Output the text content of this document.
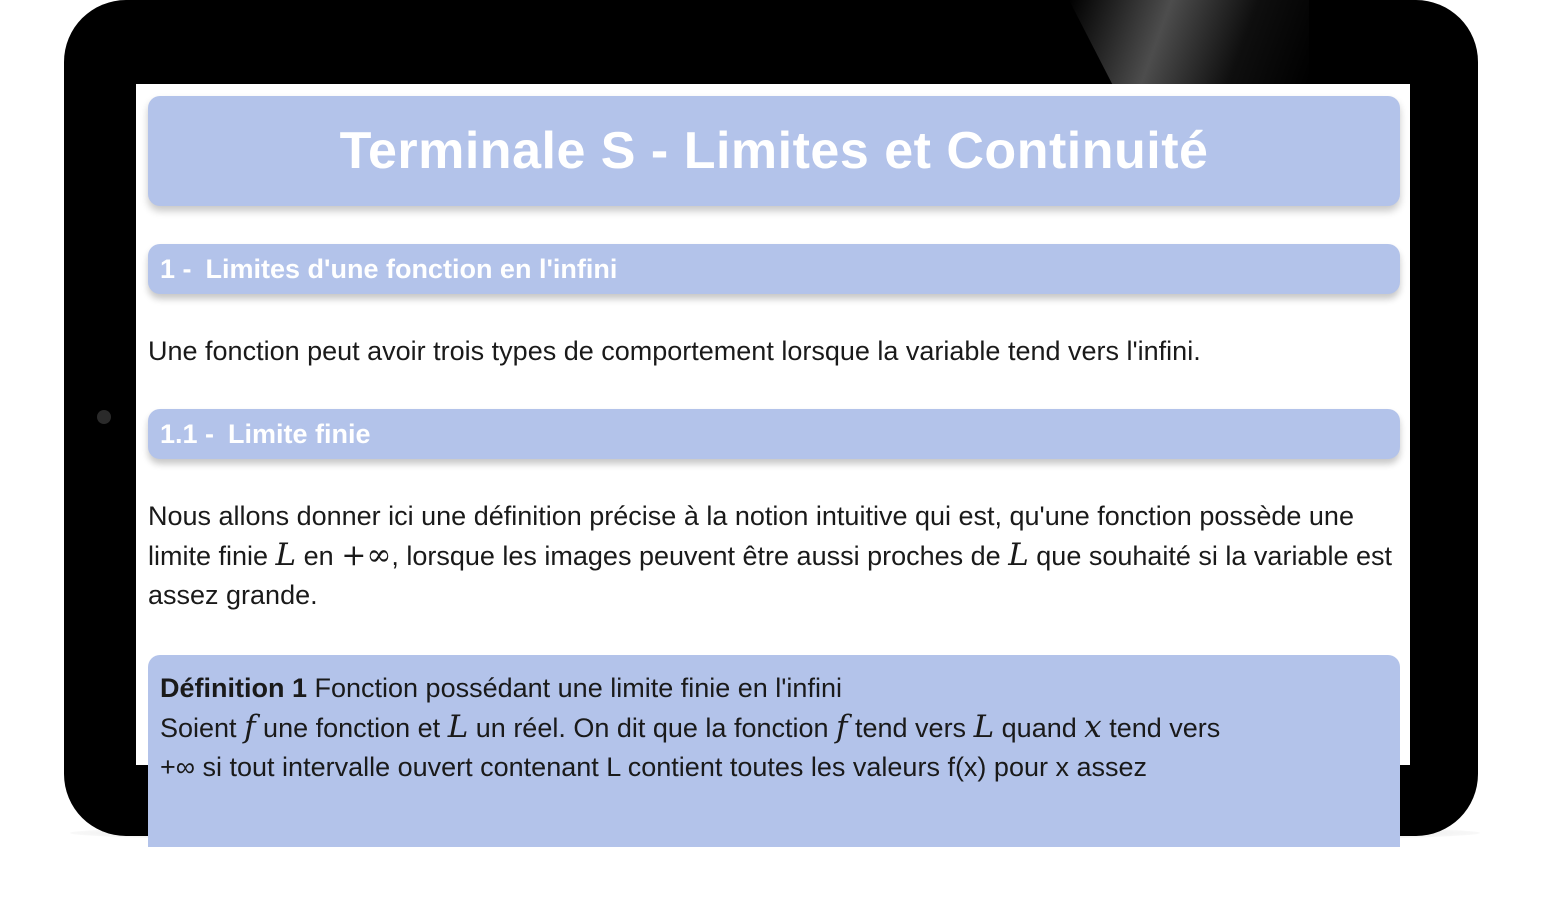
Terminale S - Limites et Continuité
1 - Limites d'une fonction en l'infini

Une fonction peut avoir trois types de comportement lorsque la variable tend vers l'infini.

1.1 - Limite finie

Nous allons donner ici une définition précise à la notion intuitive qui est, qu'une fonction possède une limite finie L en +∞, lorsque les images peuvent être aussi proches de L que souhaité si la variable est assez grande.

Définition 1 Fonction possédant une limite finie en l'infini
Soient f une fonction et L un réel. On dit que la fonction f tend vers L quand x tend vers
+∞ si tout intervalle ouvert contenant L contient toutes les valeurs f(x) pour x assez
